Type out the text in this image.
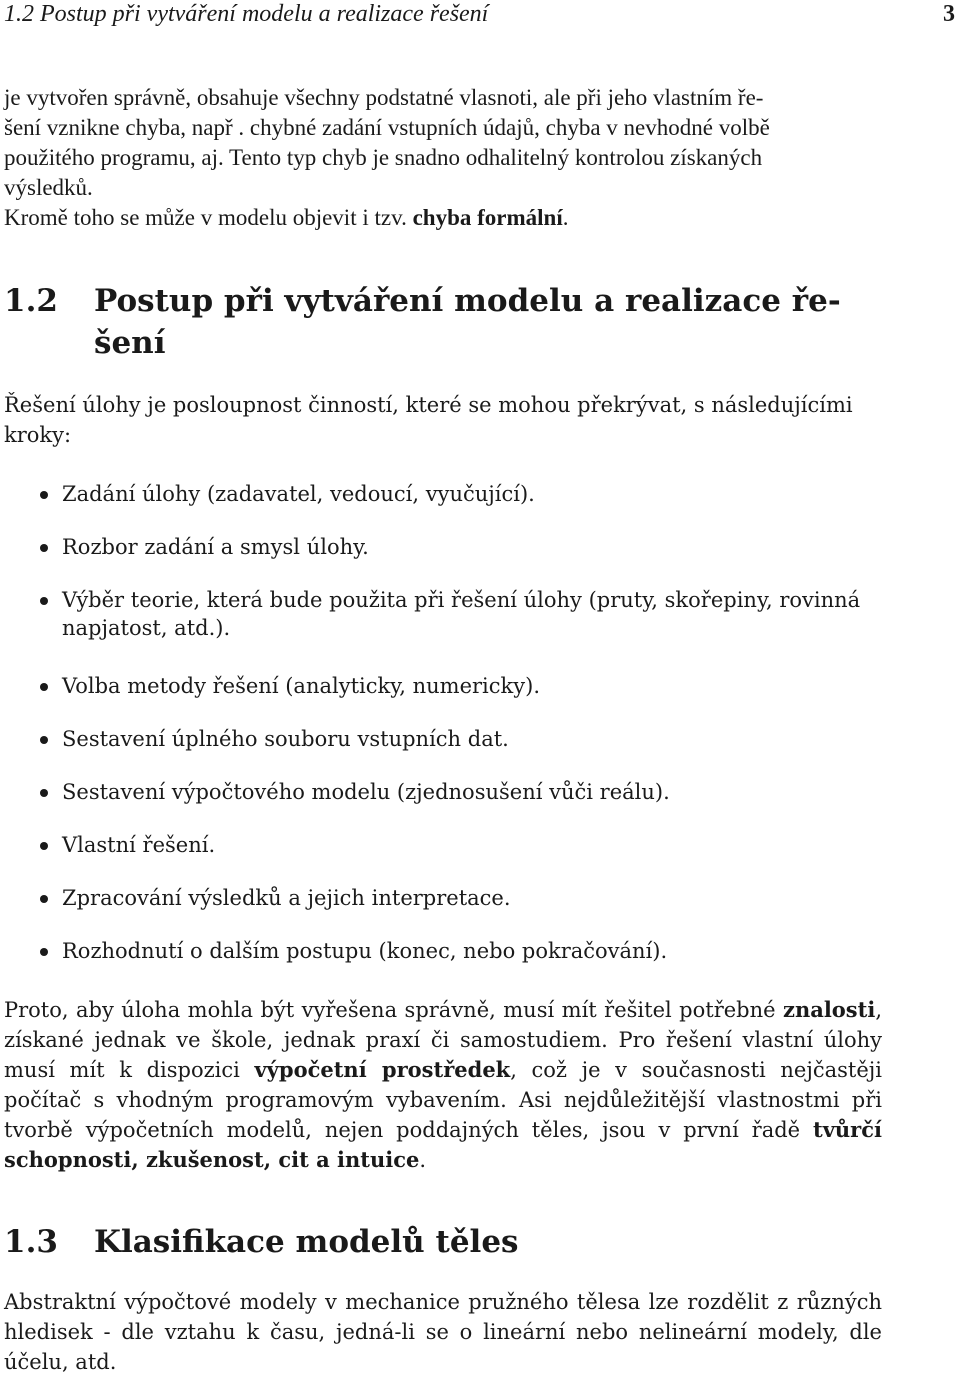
1.2 Postup při vytváření modelu a realizace řešení	3
je vytvořen správně, obsahuje všechny podstatné vlasnoti, ale při jeho vlastním ře-
šení vznikne chyba, např . chybné zadání vstupních údajů, chyba v nevhodné volbě
použitého programu, aj. Tento typ chyb je snadno odhalitelný kontrolou získaných
výsledků.
Kromě toho se může v modelu objevit i tzv. chyba formální.
1.2	Postup při vytváření modelu a realizace ře-
šení

Řešení úlohy je posloupnost činností, které se mohou překrývat, s následujícími kroky:

Zadání úlohy (zadavatel, vedoucí, vyučující).
Rozbor zadání a smysl úlohy.
Výběr teorie, která bude použita při řešení úlohy (pruty, skořepiny, rovinná napjatost, atd.).
Volba metody řešení (analyticky, numericky).
Sestavení úplného souboru vstupních dat.
Sestavení výpočtového modelu (zjednosušení vůči reálu).
Vlastní řešení.
Zpracování výsledků a jejich interpretace.
Rozhodnutí o dalším postupu (konec, nebo pokračování).

Proto, aby úloha mohla být vyřešena správně, musí mít řešitel potřebné znalosti, získané jednak ve škole, jednak praxí či samostudiem. Pro řešení vlastní úlohy musí mít k dispozici výpočetní prostředek, což je v současnosti nejčastěji počítač s vhodným programovým vybavením. Asi nejdůležitější vlastnostmi při tvorbě výpočetních modelů, nejen poddajných těles, jsou v první řadě tvůrčí schopnosti, zkušenost, cit a intuice.

1.3	Klasifikace modelů těles

Abstraktní výpočtové modely v mechanice pružného tělesa lze rozdělit z různých hledisek - dle vztahu k času, jedná-li se o lineární nebo nelineární modely, dle účelu, atd.
